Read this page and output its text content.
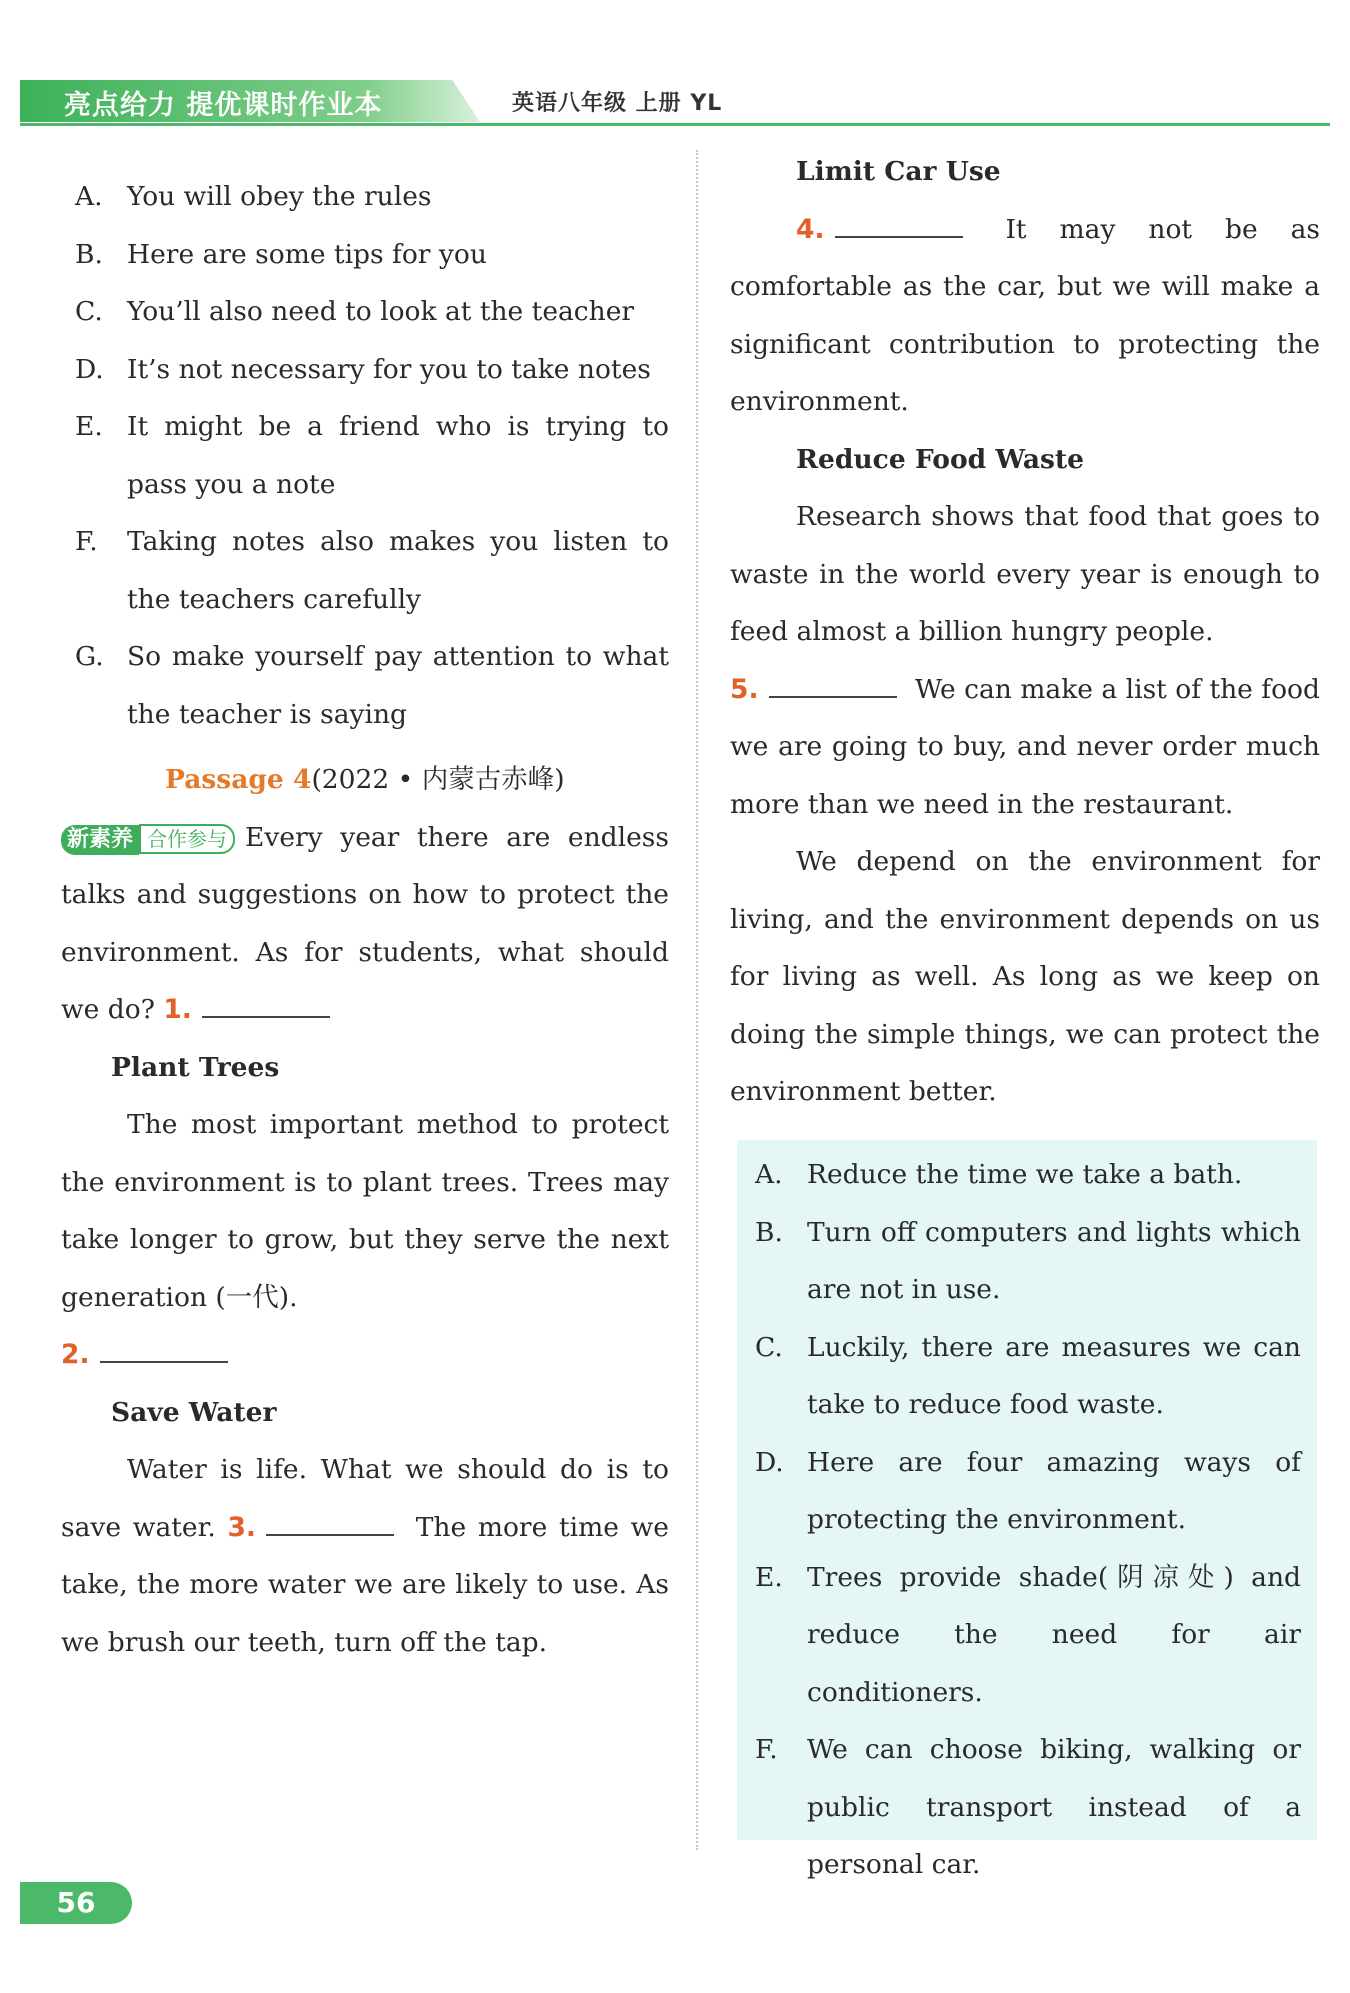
亮点给力 提优课时作业本	英语八年级 上册 YL
A. You will obey the rules
B. Here are some tips for you
C. You’ll also need to look at the teacher
D. It’s not necessary for you to take notes
E. It might be a friend who is trying to pass you a note
F.	Taking notes also makes you listen to the teachers carefully
G. So make yourself pay attention to what the teacher is saying
Passage 4(2022 • 内蒙古赤峰)

新素养 合作参与 Every year there are endless talks and suggestions on how to protect the environment. As for students, what should we do? 1.

Plant Trees

The most important method to protect the environment is to plant trees. Trees may take longer to grow, but they serve the next generation (一代).

2.

Save Water

Water is life. What we should do is to save water. 3.	The more time we take, the more water we are likely to use. As we brush our teeth, turn off the tap.

Limit Car Use

4.	It may not be as comfortable as the car, but we will make a significant contribution to protecting the environment.

Reduce Food Waste

Research shows that food that goes to waste in the world every year is enough to feed almost a billion hungry people.

5.	We can make a list of the food we are going to buy, and never order much more than we need in the restaurant.

We depend on the environment for living, and the environment depends on us for living as well. As long as we keep on doing the simple things, we can protect the environment better.

A. Reduce the time we take a bath.
B. Turn off computers and lights which are not in use.
C. Luckily, there are measures we can take to reduce food waste.
D. Here are four amazing ways of protecting the environment.
E. Trees provide shade(阴凉处) and reduce the need for air conditioners.
F.	We can choose biking, walking or public transport instead of a personal car.
56
